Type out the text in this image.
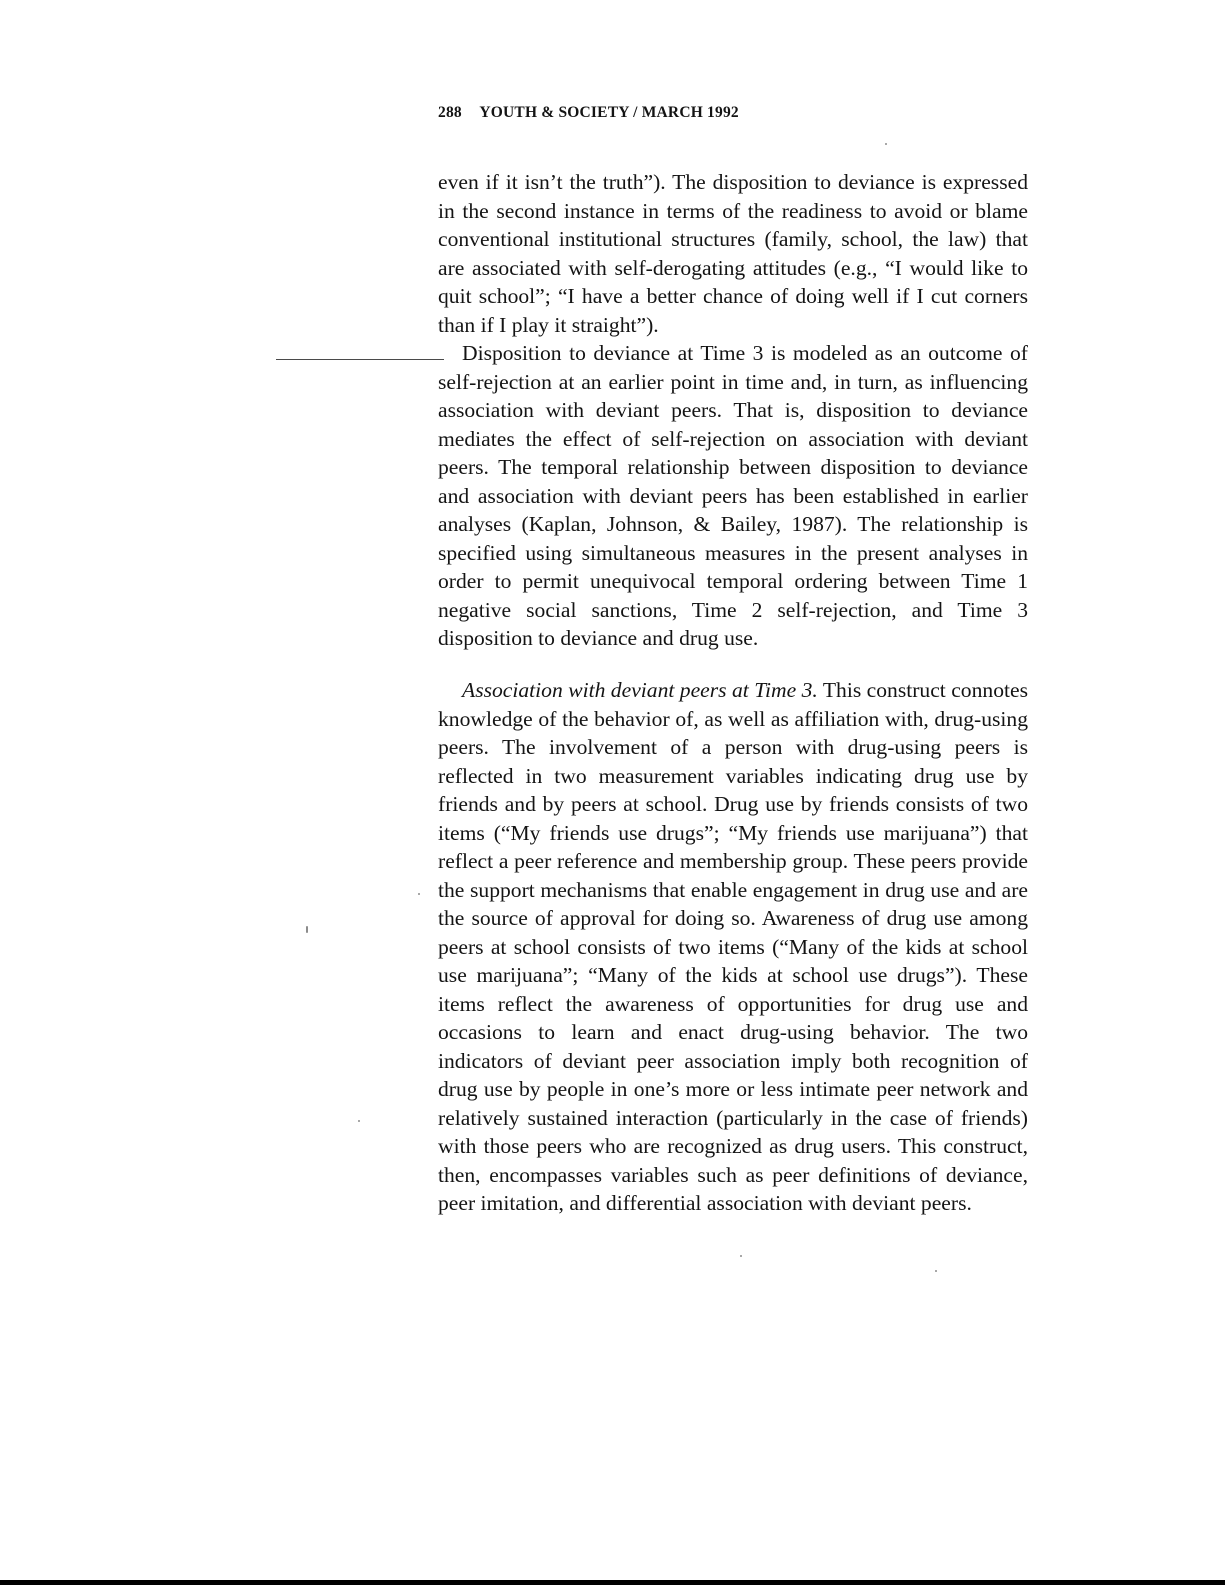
288 YOUTH & SOCIETY / MARCH 1992

even if it isn’t the truth”). The disposition to deviance is expressed in the second instance in terms of the readiness to avoid or blame conventional institutional structures (family, school, the law) that are associated with self-derogating attitudes (e.g., “I would like to quit school”; “I have a better chance of doing well if I cut corners than if I play it straight”).

Disposition to deviance at Time 3 is modeled as an outcome of self-rejection at an earlier point in time and, in turn, as influencing association with deviant peers. That is, disposition to deviance mediates the effect of self-rejection on association with deviant peers. The temporal relationship between disposition to deviance and association with deviant peers has been established in earlier analyses (Kaplan, Johnson, & Bailey, 1987). The relationship is specified using simultaneous measures in the present analyses in order to permit unequivocal temporal ordering between Time 1 negative social sanctions, Time 2 self-rejection, and Time 3 disposition to deviance and drug use.

Association with deviant peers at Time 3. This construct connotes knowledge of the behavior of, as well as affiliation with, drug-using peers. The involvement of a person with drug-using peers is reflected in two measurement variables indicating drug use by friends and by peers at school. Drug use by friends consists of two items (“My friends use drugs”; “My friends use marijuana”) that reflect a peer reference and membership group. These peers provide the support mechanisms that enable engagement in drug use and are the source of approval for doing so. Awareness of drug use among peers at school consists of two items (“Many of the kids at school use marijuana”; “Many of the kids at school use drugs”). These items reflect the awareness of opportunities for drug use and occasions to learn and enact drug-using behavior. The two indicators of deviant peer association imply both recognition of drug use by people in one’s more or less intimate peer network and relatively sustained interaction (particularly in the case of friends) with those peers who are recognized as drug users. This construct, then, encompasses variables such as peer definitions of deviance, peer imitation, and differential association with deviant peers.
